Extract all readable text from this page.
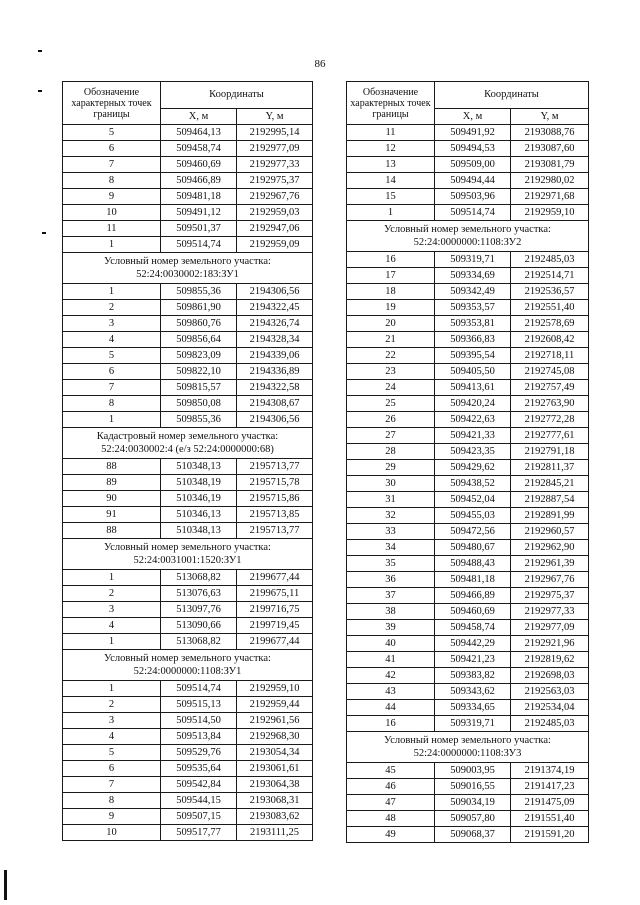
86
Обозначение характерных точек границы	Координаты	
	X, м	Y, м
5	509464,13	2192995,14
6	509458,74	2192977,09
7	509460,69	2192977,33
8	509466,89	2192975,37
9	509481,18	2192967,76
10	509491,12	2192959,03
11	509501,37	2192947,06
1	509514,74	2192959,09
Условный номер земельного участка: 52:24:0030002:183:ЗУ1		
1	509855,36	2194306,56
2	509861,90	2194322,45
3	509860,76	2194326,74
4	509856,64	2194328,34
5	509823,09	2194339,06
6	509822,10	2194336,89
7	509815,57	2194322,58
8	509850,08	2194308,67
1	509855,36	2194306,56
Кадастровый номер земельного участка: 52:24:0030002:4 (е/з 52:24:0000000:68)		
88	510348,13	2195713,77
89	510348,19	2195715,78
90	510346,19	2195715,86
91	510346,13	2195713,85
88	510348,13	2195713,77
Условный номер земельного участка: 52:24:0031001:1520:ЗУ1		
1	513068,82	2199677,44
2	513076,63	2199675,11
3	513097,76	2199716,75
4	513090,66	2199719,45
1	513068,82	2199677,44
Условный номер земельного участка: 52:24:0000000:1108:ЗУ1		
1	509514,74	2192959,10
2	509515,13	2192959,44
3	509514,50	2192961,56
4	509513,84	2192968,30
5	509529,76	2193054,34
6	509535,64	2193061,61
7	509542,84	2193064,38
8	509544,15	2193068,31
9	509507,15	2193083,62
10	509517,77	2193111,25
Обозначение характерных точек границы	Координаты	
	X, м	Y, м
11	509491,92	2193088,76
12	509494,53	2193087,60
13	509509,00	2193081,79
14	509494,44	2192980,02
15	509503,96	2192971,68
1	509514,74	2192959,10
Условный номер земельного участка: 52:24:0000000:1108:ЗУ2		
16	509319,71	2192485,03
17	509334,69	2192514,71
18	509342,49	2192536,57
19	509353,57	2192551,40
20	509353,81	2192578,69
21	509366,83	2192608,42
22	509395,54	2192718,11
23	509405,50	2192745,08
24	509413,61	2192757,49
25	509420,24	2192763,90
26	509422,63	2192772,28
27	509421,33	2192777,61
28	509423,35	2192791,18
29	509429,62	2192811,37
30	509438,52	2192845,21
31	509452,04	2192887,54
32	509455,03	2192891,99
33	509472,56	2192960,57
34	509480,67	2192962,90
35	509488,43	2192961,39
36	509481,18	2192967,76
37	509466,89	2192975,37
38	509460,69	2192977,33
39	509458,74	2192977,09
40	509442,29	2192921,96
41	509421,23	2192819,62
42	509383,82	2192698,03
43	509343,62	2192563,03
44	509334,65	2192534,04
16	509319,71	2192485,03
Условный номер земельного участка: 52:24:0000000:1108:ЗУ3		
45	509003,95	2191374,19
46	509016,55	2191417,23
47	509034,19	2191475,09
48	509057,80	2191551,40
49	509068,37	2191591,20
